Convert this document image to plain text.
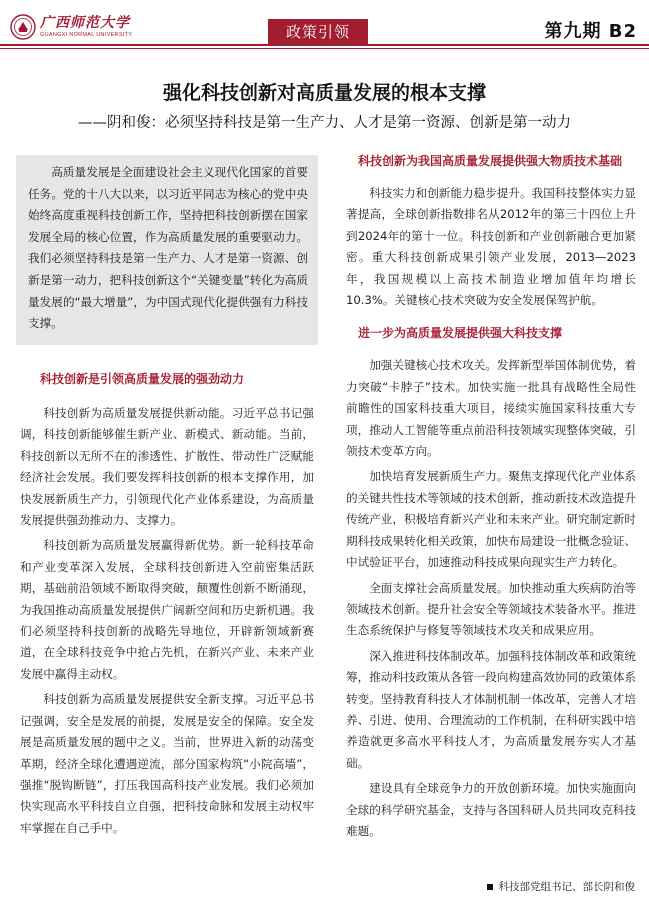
广西师范大学
GUANGXI NORMAL UNIVERSITY	政策引领	第九期 B2
强化科技创新对高质量发展的根本支撑
——阴和俊：必须坚持科技是第一生产力、人才是第一资源、创新是第一动力
高质量发展是全面建设社会主义现代化国家的首要任务。党的十八大以来，以习近平同志为核心的党中央始终高度重视科技创新工作，坚持把科技创新摆在国家发展全局的核心位置，作为高质量发展的重要驱动力。我们必须坚持科技是第一生产力、人才是第一资源、创新是第一动力，把科技创新这个“关键变量”转化为高质量发展的“最大增量”，为中国式现代化提供强有力科技支撑。
科技创新是引领高质量发展的强劲动力
科技创新为高质量发展提供新动能。习近平总书记强调，科技创新能够催生新产业、新模式、新动能。当前，科技创新以无所不在的渗透性、扩散性、带动性广泛赋能经济社会发展。我们要发挥科技创新的根本支撑作用，加快发展新质生产力，引领现代化产业体系建设，为高质量发展提供强劲推动力、支撑力。
科技创新为高质量发展赢得新优势。新一轮科技革命和产业变革深入发展，全球科技创新进入空前密集活跃期，基础前沿领域不断取得突破，颠覆性创新不断涌现，为我国推动高质量发展提供广阔新空间和历史新机遇。我们必须坚持科技创新的战略先导地位，开辟新领域新赛道，在全球科技竞争中抢占先机，在新兴产业、未来产业发展中赢得主动权。
科技创新为高质量发展提供安全新支撑。习近平总书记强调，安全是发展的前提，发展是安全的保障。安全发展是高质量发展的题中之义。当前，世界进入新的动荡变革期，经济全球化遭遇逆流，部分国家构筑“小院高墙”，强推“脱钩断链”，打压我国高科技产业发展。我们必须加快实现高水平科技自立自强，把科技命脉和发展主动权牢牢掌握在自己手中。
科技创新为我国高质量发展提供强大物质技术基础
科技实力和创新能力稳步提升。我国科技整体实力显著提高，全球创新指数排名从2012年的第三十四位上升到2024年的第十一位。科技创新和产业创新融合更加紧密。重大科技创新成果引领产业发展，2013—2023年，我国规模以上高技术制造业增加值年均增长10.3%。关键核心技术突破为安全发展保驾护航。
进一步为高质量发展提供强大科技支撑
加强关键核心技术攻关。发挥新型举国体制优势，着力突破“卡脖子”技术。加快实施一批具有战略性全局性前瞻性的国家科技重大项目，接续实施国家科技重大专项，推动人工智能等重点前沿科技领域实现整体突破，引领技术变革方向。
加快培育发展新质生产力。聚焦支撑现代化产业体系的关键共性技术等领域的技术创新，推动新技术改造提升传统产业，积极培育新兴产业和未来产业。研究制定新时期科技成果转化相关政策，加快布局建设一批概念验证、中试验证平台，加速推动科技成果向现实生产力转化。
全面支撑社会高质量发展。加快推动重大疾病防治等领域技术创新。提升社会安全等领域技术装备水平。推进生态系统保护与修复等领域技术攻关和成果应用。
深入推进科技体制改革。加强科技体制改革和政策统筹，推动科技政策从各管一段向构建高效协同的政策体系转变。坚持教育科技人才体制机制一体改革，完善人才培养、引进、使用、合理流动的工作机制，在科研实践中培养造就更多高水平科技人才，为高质量发展夯实人才基础。
建设具有全球竞争力的开放创新环境。加快实施面向全球的科学研究基金，支持与各国科研人员共同攻克科技难题。
科技部党组书记、部长阴和俊
